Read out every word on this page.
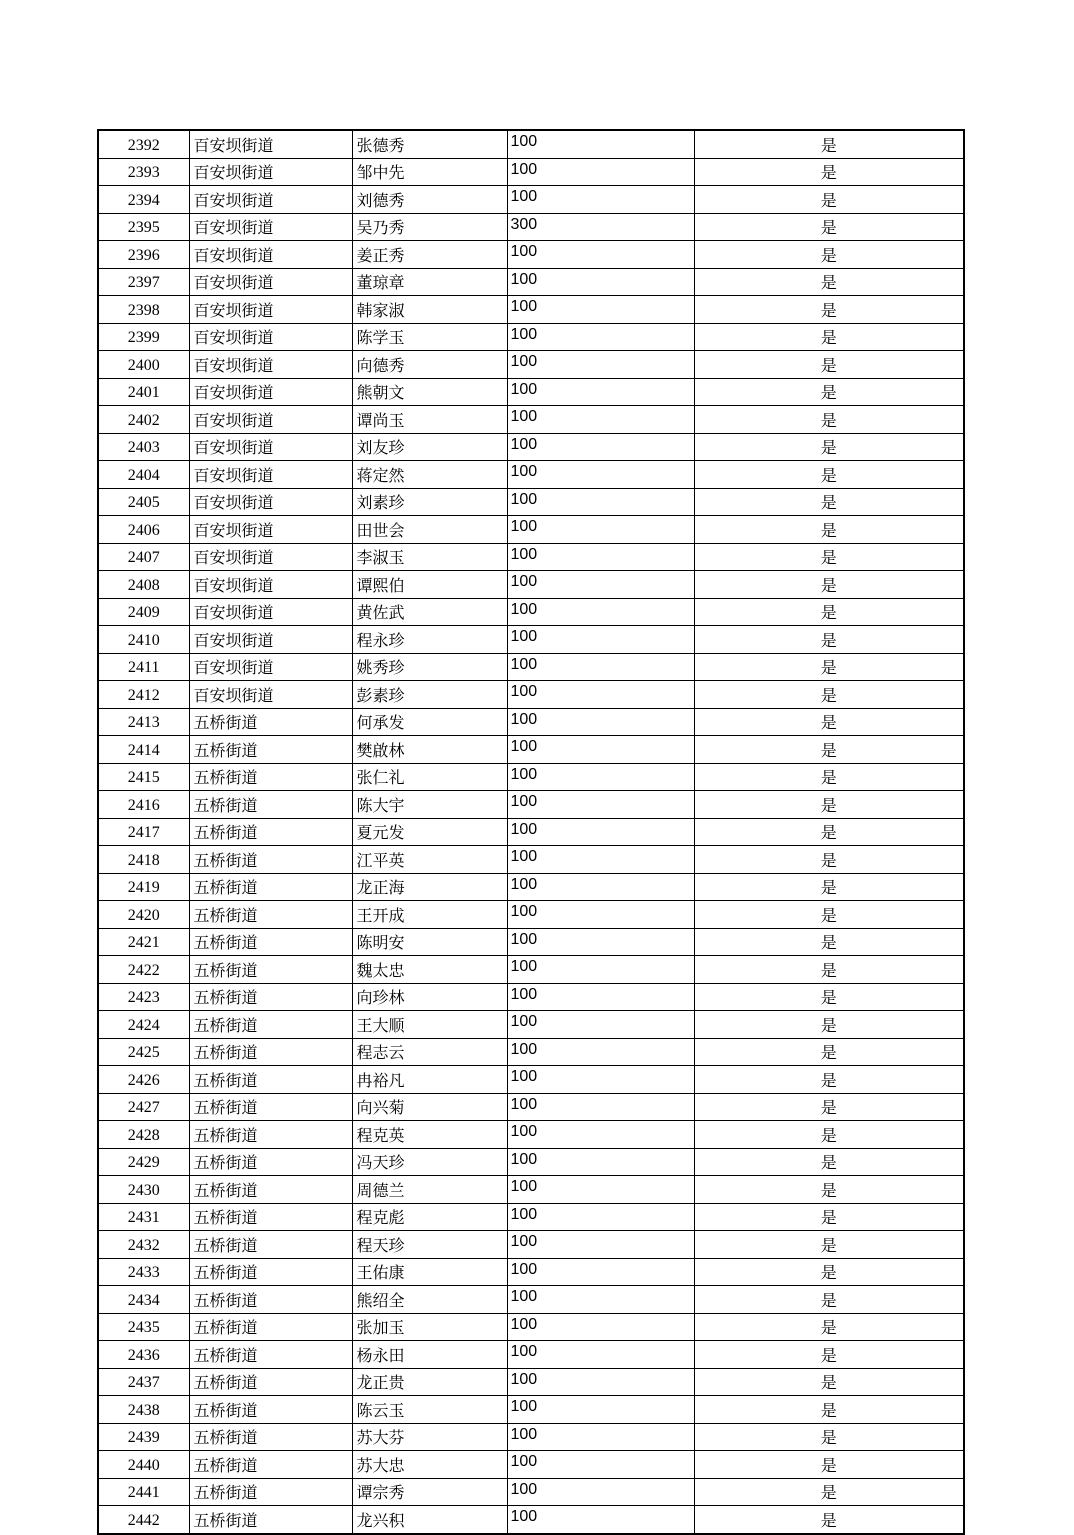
2392	百安坝街道	张德秀	100	是
2393	百安坝街道	邹中先	100	是
2394	百安坝街道	刘德秀	100	是
2395	百安坝街道	吴乃秀	300	是
2396	百安坝街道	姜正秀	100	是
2397	百安坝街道	董琼章	100	是
2398	百安坝街道	韩家淑	100	是
2399	百安坝街道	陈学玉	100	是
2400	百安坝街道	向德秀	100	是
2401	百安坝街道	熊朝文	100	是
2402	百安坝街道	谭尚玉	100	是
2403	百安坝街道	刘友珍	100	是
2404	百安坝街道	蒋定然	100	是
2405	百安坝街道	刘素珍	100	是
2406	百安坝街道	田世会	100	是
2407	百安坝街道	李淑玉	100	是
2408	百安坝街道	谭熙伯	100	是
2409	百安坝街道	黄佐武	100	是
2410	百安坝街道	程永珍	100	是
2411	百安坝街道	姚秀珍	100	是
2412	百安坝街道	彭素珍	100	是
2413	五桥街道	何承发	100	是
2414	五桥街道	樊啟林	100	是
2415	五桥街道	张仁礼	100	是
2416	五桥街道	陈大宇	100	是
2417	五桥街道	夏元发	100	是
2418	五桥街道	江平英	100	是
2419	五桥街道	龙正海	100	是
2420	五桥街道	王开成	100	是
2421	五桥街道	陈明安	100	是
2422	五桥街道	魏太忠	100	是
2423	五桥街道	向珍林	100	是
2424	五桥街道	王大顺	100	是
2425	五桥街道	程志云	100	是
2426	五桥街道	冉裕凡	100	是
2427	五桥街道	向兴菊	100	是
2428	五桥街道	程克英	100	是
2429	五桥街道	冯天珍	100	是
2430	五桥街道	周德兰	100	是
2431	五桥街道	程克彪	100	是
2432	五桥街道	程天珍	100	是
2433	五桥街道	王佑康	100	是
2434	五桥街道	熊绍全	100	是
2435	五桥街道	张加玉	100	是
2436	五桥街道	杨永田	100	是
2437	五桥街道	龙正贵	100	是
2438	五桥街道	陈云玉	100	是
2439	五桥街道	苏大芬	100	是
2440	五桥街道	苏大忠	100	是
2441	五桥街道	谭宗秀	100	是
2442	五桥街道	龙兴积	100	是
